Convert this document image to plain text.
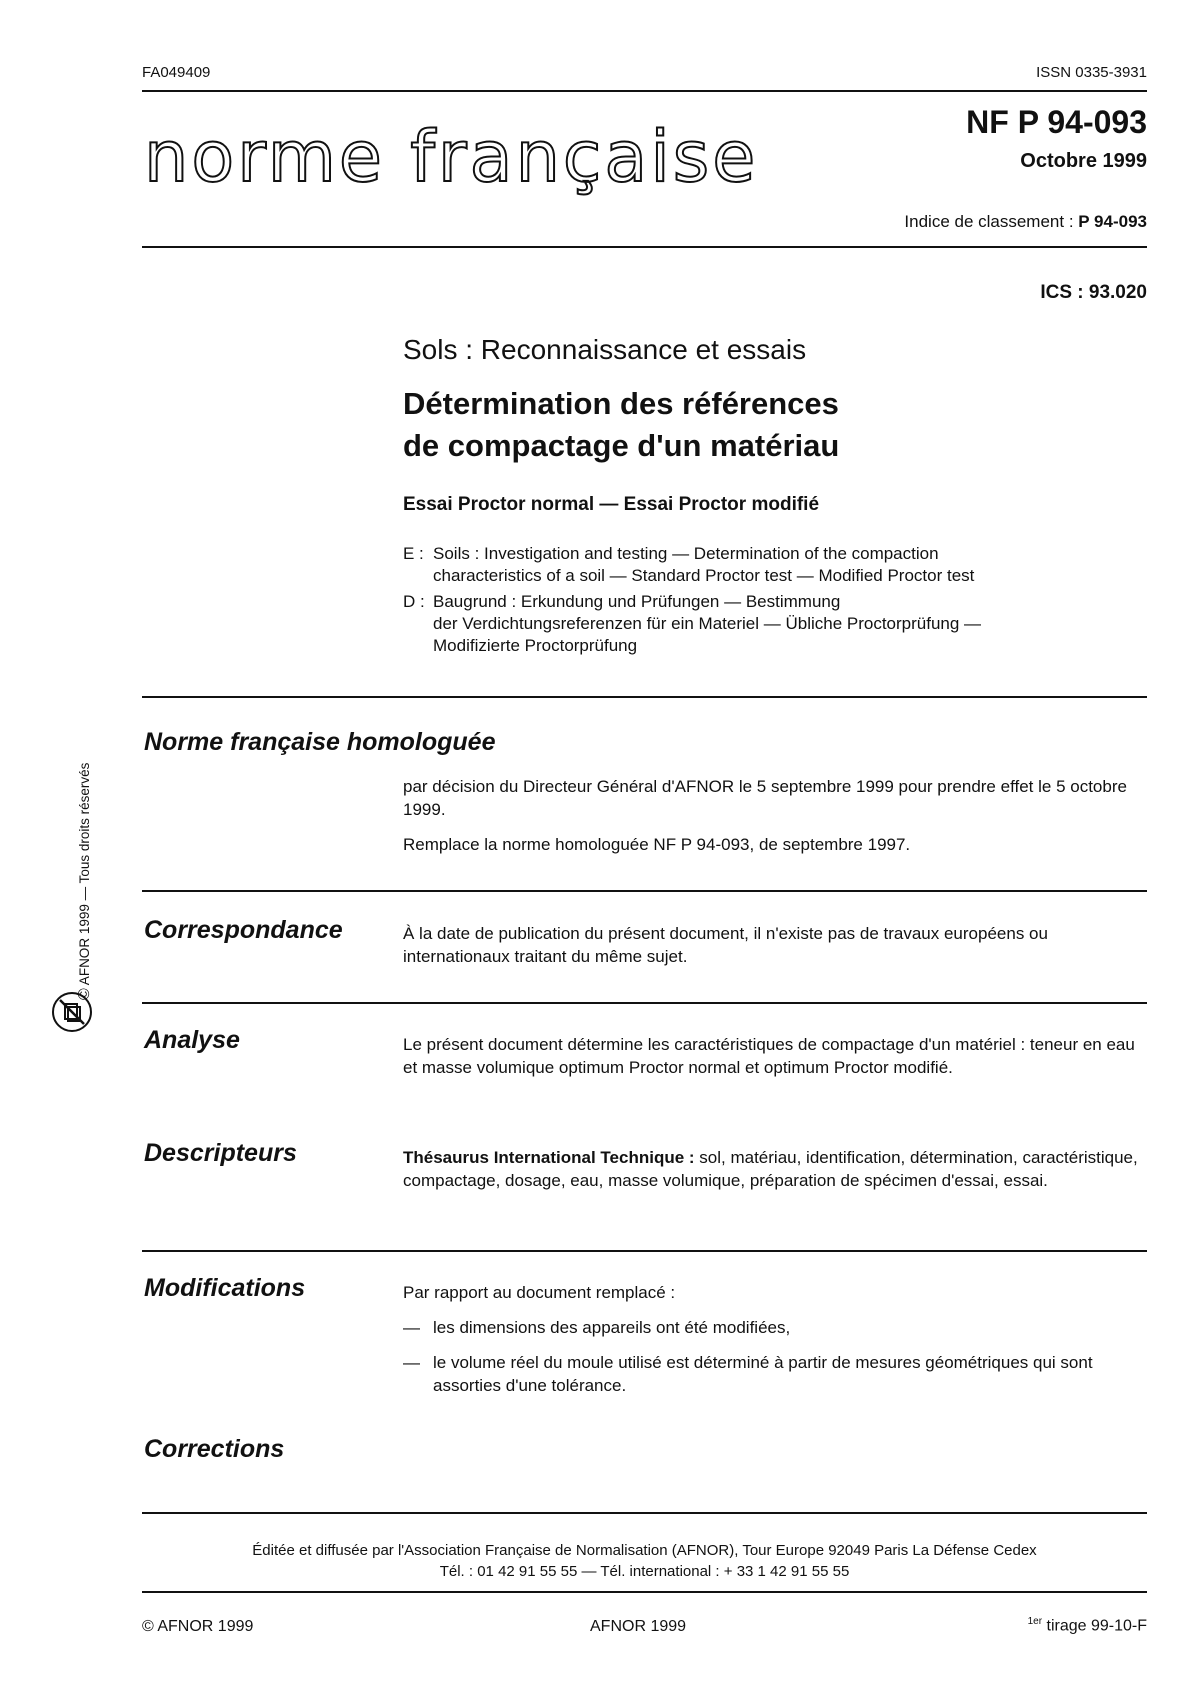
FA049409	ISSN 0335-3931
norme française	NF P 94-093
Octobre 1999
Indice de classement : P 94-093
ICS : 93.020
Sols : Reconnaissance et essais
Détermination des références
de compactage d'un matériau
Essai Proctor normal — Essai Proctor modifié
E : Soils : Investigation and testing — Determination of the compaction
characteristics of a soil — Standard Proctor test — Modified Proctor test
D : Baugrund : Erkundung und Prüfungen — Bestimmung
der Verdichtungsreferenzen für ein Materiel — Übliche Proctorprüfung —
Modifizierte Proctorprüfung
Norme française homologuée

par décision du Directeur Général d'AFNOR le 5 septembre 1999 pour prendre effet le 5 octobre 1999.

Remplace la norme homologuée NF P 94-093, de septembre 1997.

Correspondance	À la date de publication du présent document, il n'existe pas de travaux européens ou internationaux traitant du même sujet.
Analyse	Le présent document détermine les caractéristiques de compactage d'un matériel : teneur en eau et masse volumique optimum Proctor normal et optimum Proctor modifié.
Descripteurs	Thésaurus International Technique : sol, matériau, identification, détermination, caractéristique, compactage, dosage, eau, masse volumique, préparation de spécimen d'essai, essai.
Modifications	Par rapport au document remplacé :

— les dimensions des appareils ont été modifiées,
— le volume réel du moule utilisé est déterminé à partir de mesures géométriques qui sont assorties d'une tolérance.
Corrections
© AFNOR 1999 — Tous droits réservés
Éditée et diffusée par l'Association Française de Normalisation (AFNOR), Tour Europe 92049 Paris La Défense Cedex
Tél. : 01 42 91 55 55 — Tél. international : + 33 1 42 91 55 55
© AFNOR 1999	AFNOR 1999	$^{1er}$ tirage 99-10-F
